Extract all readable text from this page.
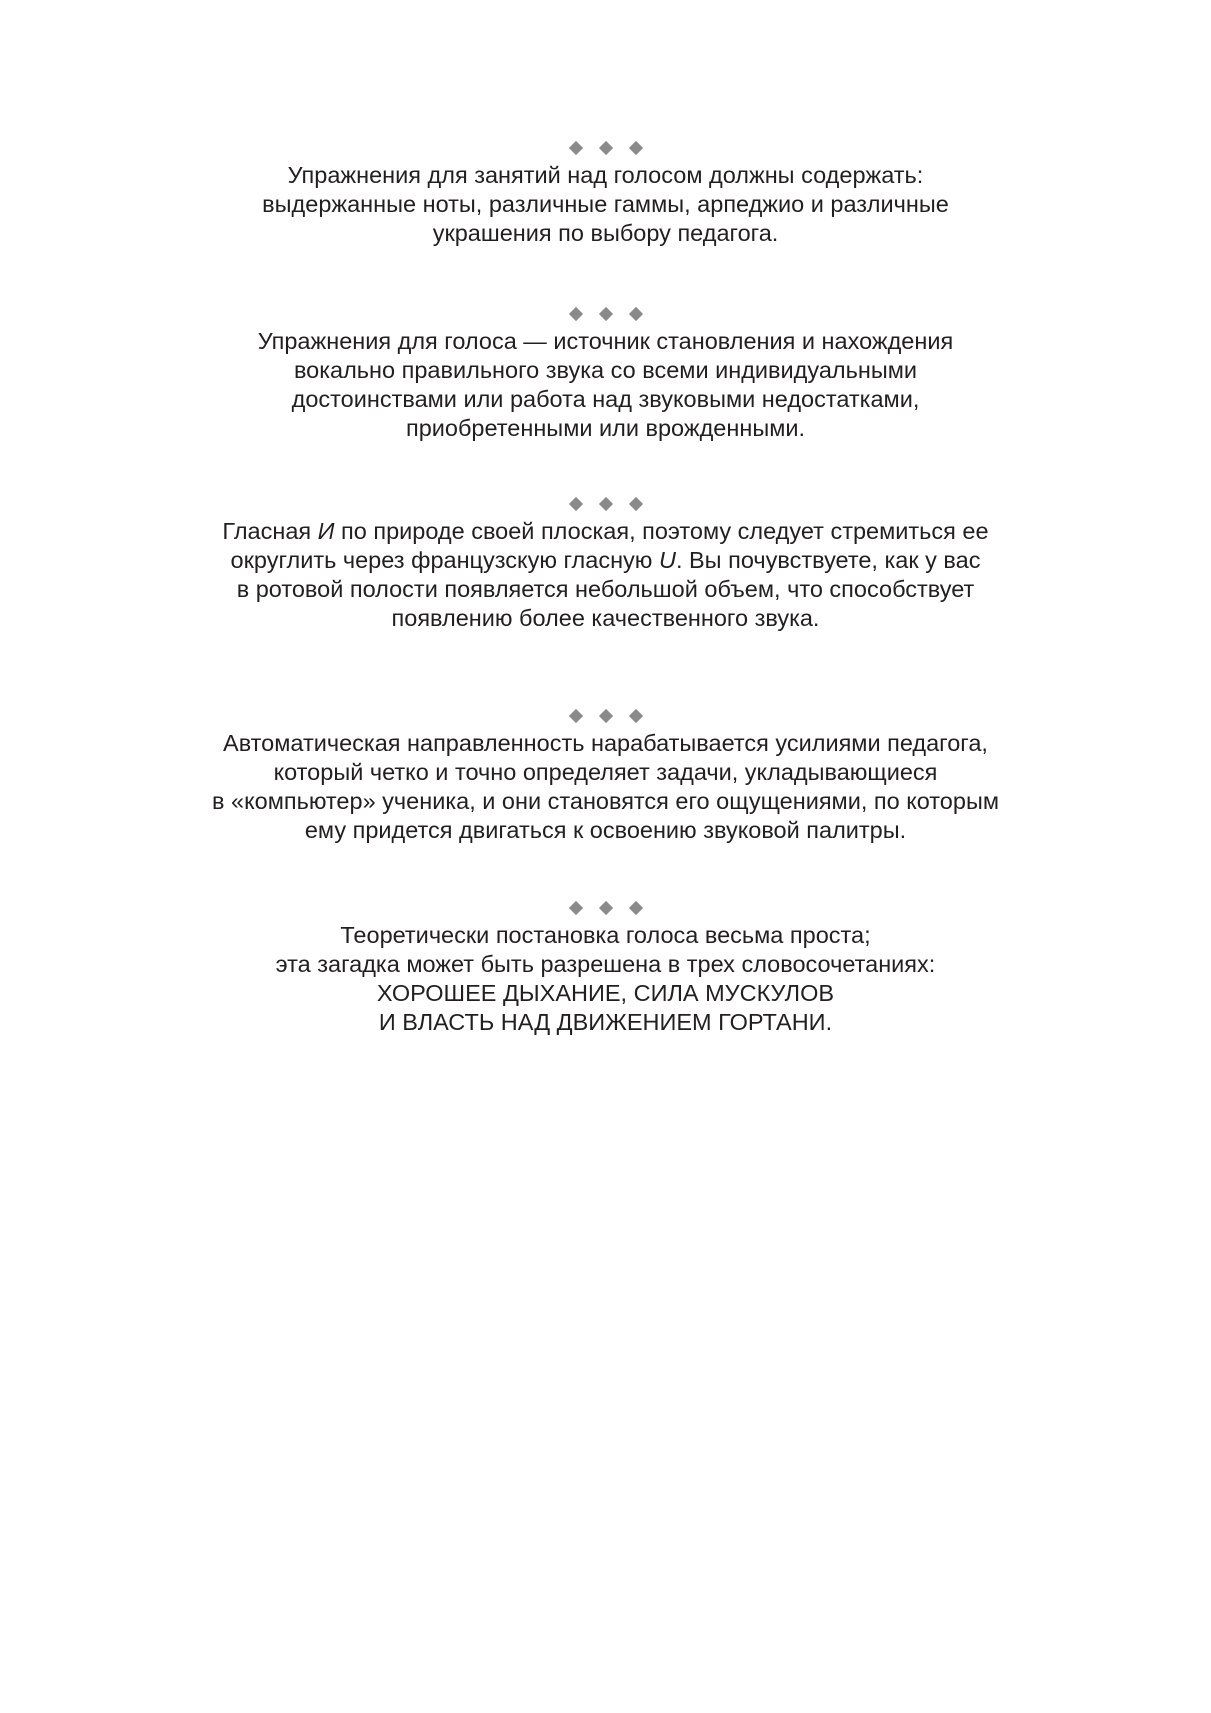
Упражнения для занятий над голосом должны содержать:
выдержанные ноты, различные гаммы, арпеджио и различные
украшения по выбору педагога.
Упражнения для голоса — источник становления и нахождения
вокально правильного звука со всеми индивидуальными
достоинствами или работа над звуковыми недостатками,
приобретенными или врожденными.
Гласная И по природе своей плоская, поэтому следует стремиться ее
округлить через французскую гласную U. Вы почувствуете, как у вас
в ротовой полости появляется небольшой объем, что способствует
появлению более качественного звука.
Автоматическая направленность нарабатывается усилиями педагога,
который четко и точно определяет задачи, укладывающиеся
в «компьютер» ученика, и они становятся его ощущениями, по которым
ему придется двигаться к освоению звуковой палитры.
Теоретически постановка голоса весьма проста;
эта загадка может быть разрешена в трех словосочетаниях:
ХОРОШЕЕ ДЫХАНИЕ, СИЛА МУСКУЛОВ
И ВЛАСТЬ НАД ДВИЖЕНИЕМ ГОРТАНИ.
